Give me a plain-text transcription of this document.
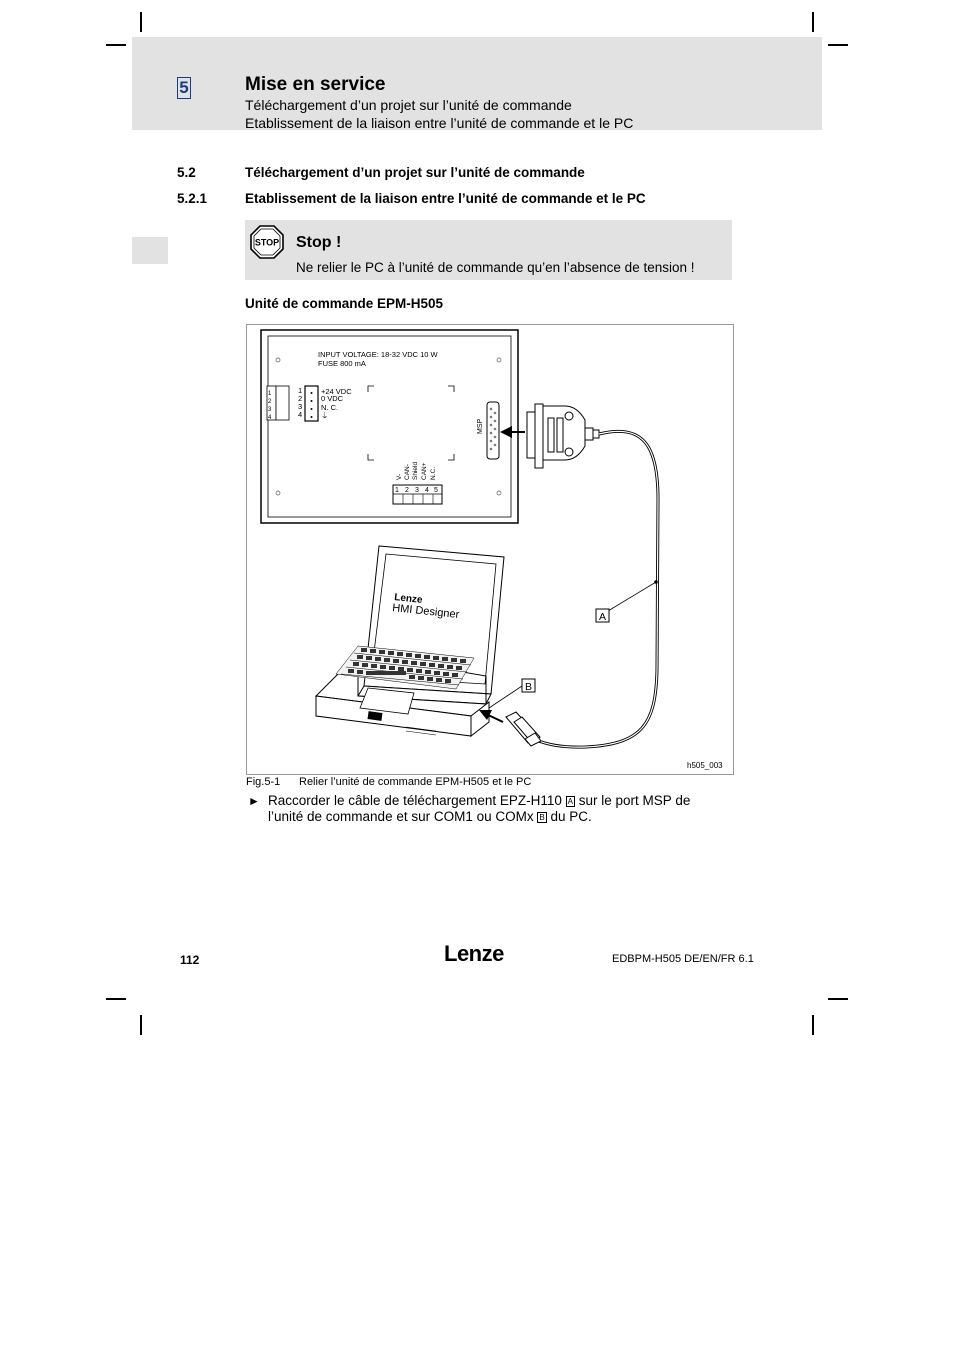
5	Mise en service
Téléchargement d’un projet sur l’unité de commande
Etablissement de la liaison entre l’unité de commande et le PC
5.2	Téléchargement d’un projet sur l’unité de commande
5.2.1	Etablissement de la liaison entre l’unité de commande et le PC
STOP Stop !
Ne relier le PC à l’unité de commande qu’en l’absence de tension !
Unité de commande EPM-H505
INPUT VOLTAGE: 18-32 VDC 10 W
FUSE 800 mA
1
2
3
4
1
2
3
4
+24 VDC
0 VDC
N. C.
⏚
MSP
V- CAN- Shield CAN+ N.C.
1 2 3 4 5
A
Lenze
HMI Designer
B
h505_003
Fig.5-1 Relier l’unité de commande EPM-H505 et le PC
► Raccorder le câble de téléchargement EPZ-H110 A sur le port MSP de
l’unité de commande et sur COM1 ou COMx B du PC.
112	Lenze	EDBPM-H505 DE/EN/FR 6.1
